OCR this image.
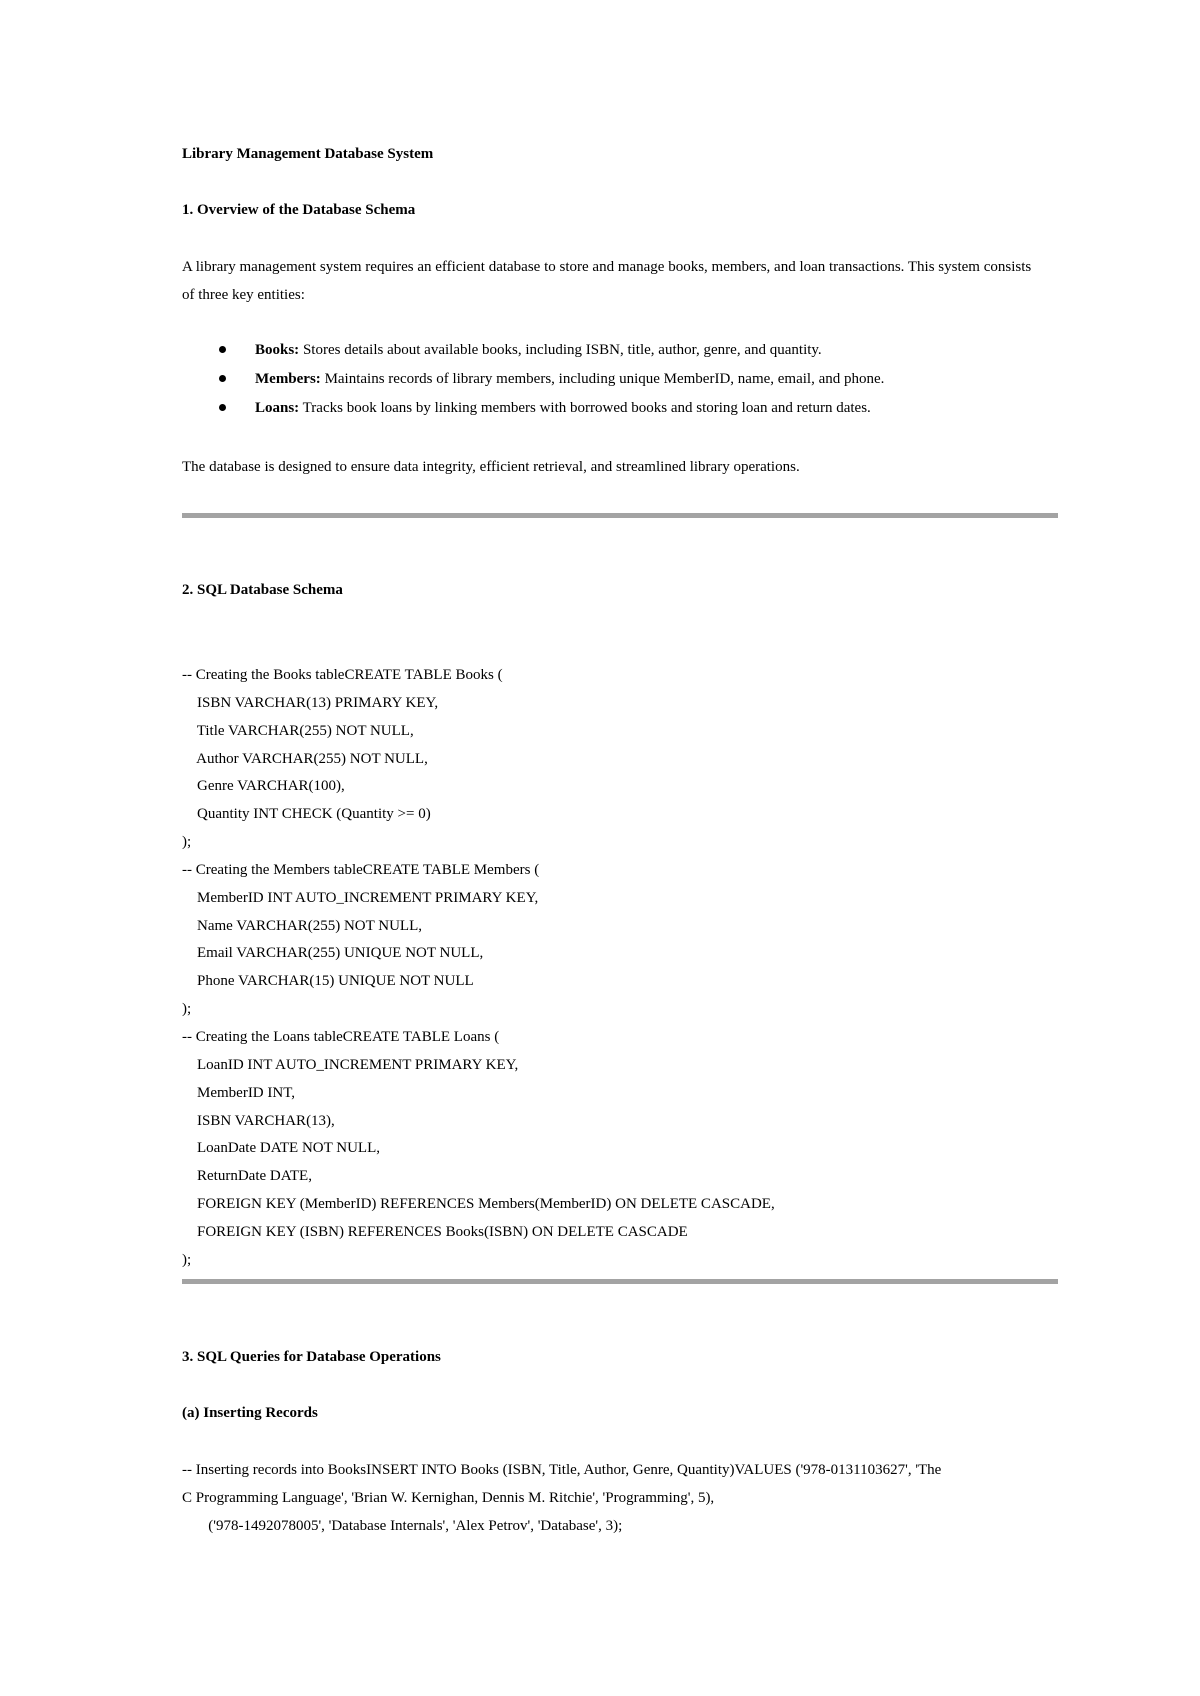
Library Management Database System
1. Overview of the Database Schema
A library management system requires an efficient database to store and manage books, members, and loan transactions. This system consists of three key entities:
Books: Stores details about available books, including ISBN, title, author, genre, and quantity.
Members: Maintains records of library members, including unique MemberID, name, email, and phone.
Loans: Tracks book loans by linking members with borrowed books and storing loan and return dates.
The database is designed to ensure data integrity, efficient retrieval, and streamlined library operations.
2. SQL Database Schema
-- Creating the Books tableCREATE TABLE Books (
ISBN VARCHAR(13) PRIMARY KEY,
Title VARCHAR(255) NOT NULL,
Author VARCHAR(255) NOT NULL,
Genre VARCHAR(100),
Quantity INT CHECK (Quantity >= 0)
);
-- Creating the Members tableCREATE TABLE Members (
MemberID INT AUTO_INCREMENT PRIMARY KEY,
Name VARCHAR(255) NOT NULL,
Email VARCHAR(255) UNIQUE NOT NULL,
Phone VARCHAR(15) UNIQUE NOT NULL
);
-- Creating the Loans tableCREATE TABLE Loans (
LoanID INT AUTO_INCREMENT PRIMARY KEY,
MemberID INT,
ISBN VARCHAR(13),
LoanDate DATE NOT NULL,
ReturnDate DATE,
FOREIGN KEY (MemberID) REFERENCES Members(MemberID) ON DELETE CASCADE,
FOREIGN KEY (ISBN) REFERENCES Books(ISBN) ON DELETE CASCADE
);
3. SQL Queries for Database Operations
(a) Inserting Records
-- Inserting records into BooksINSERT INTO Books (ISBN, Title, Author, Genre, Quantity)VALUES ('978-0131103627', 'The
C Programming Language', 'Brian W. Kernighan, Dennis M. Ritchie', 'Programming', 5),
('978-1492078005', 'Database Internals', 'Alex Petrov', 'Database', 3);
